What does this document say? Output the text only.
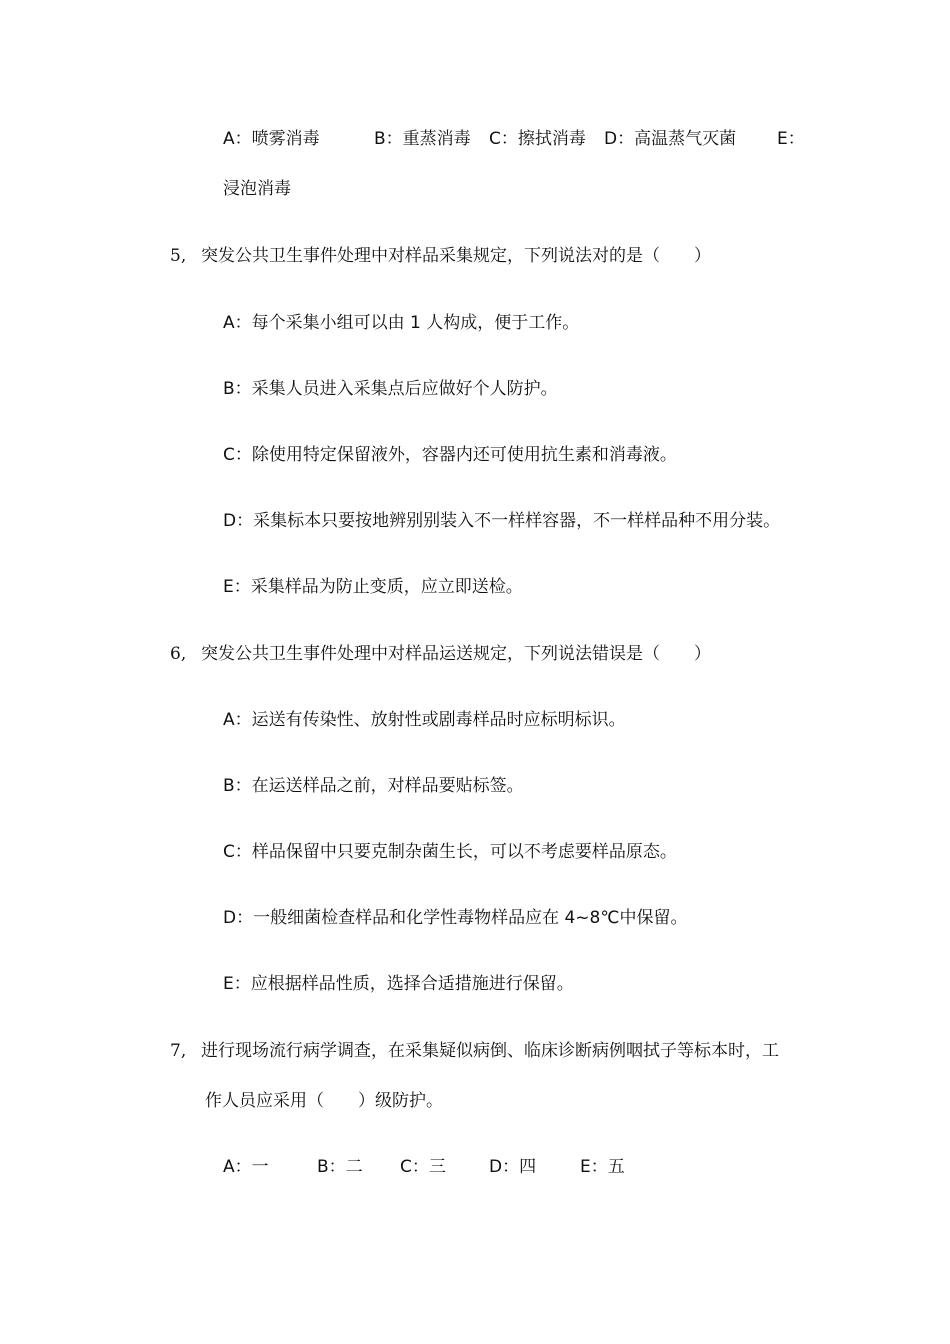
A：喷雾消毒	B：重蒸消毒 C：擦拭消毒 D：高温蒸气灭菌 E：
浸泡消毒
5, 突发公共卫生事件处理中对样品采集规定，下列说法对的是（　　）
A：每个采集小组可以由 1 人构成，便于工作。
B：采集人员进入采集点后应做好个人防护。
C：除使用特定保留液外，容器内还可使用抗生素和消毒液。
D：采集标本只要按地辨别别装入不一样样容器，不一样样品种不用分装。
E：采集样品为防止变质，应立即送检。
6, 突发公共卫生事件处理中对样品运送规定，下列说法错误是（　　）
A：运送有传染性、放射性或剧毒样品时应标明标识。
B：在运送样品之前，对样品要贴标签。
C：样品保留中只要克制杂菌生长，可以不考虑要样品原态。
D：一般细菌检查样品和化学性毒物样品应在 4~8℃中保留。
E：应根据样品性质，选择合适措施进行保留。
7, 进行现场流行病学调查，在采集疑似病倒、临床诊断病例咽拭子等标本时，工
作人员应采用（　　）级防护。
A：一	B：二 C：三	D：四	E：五
